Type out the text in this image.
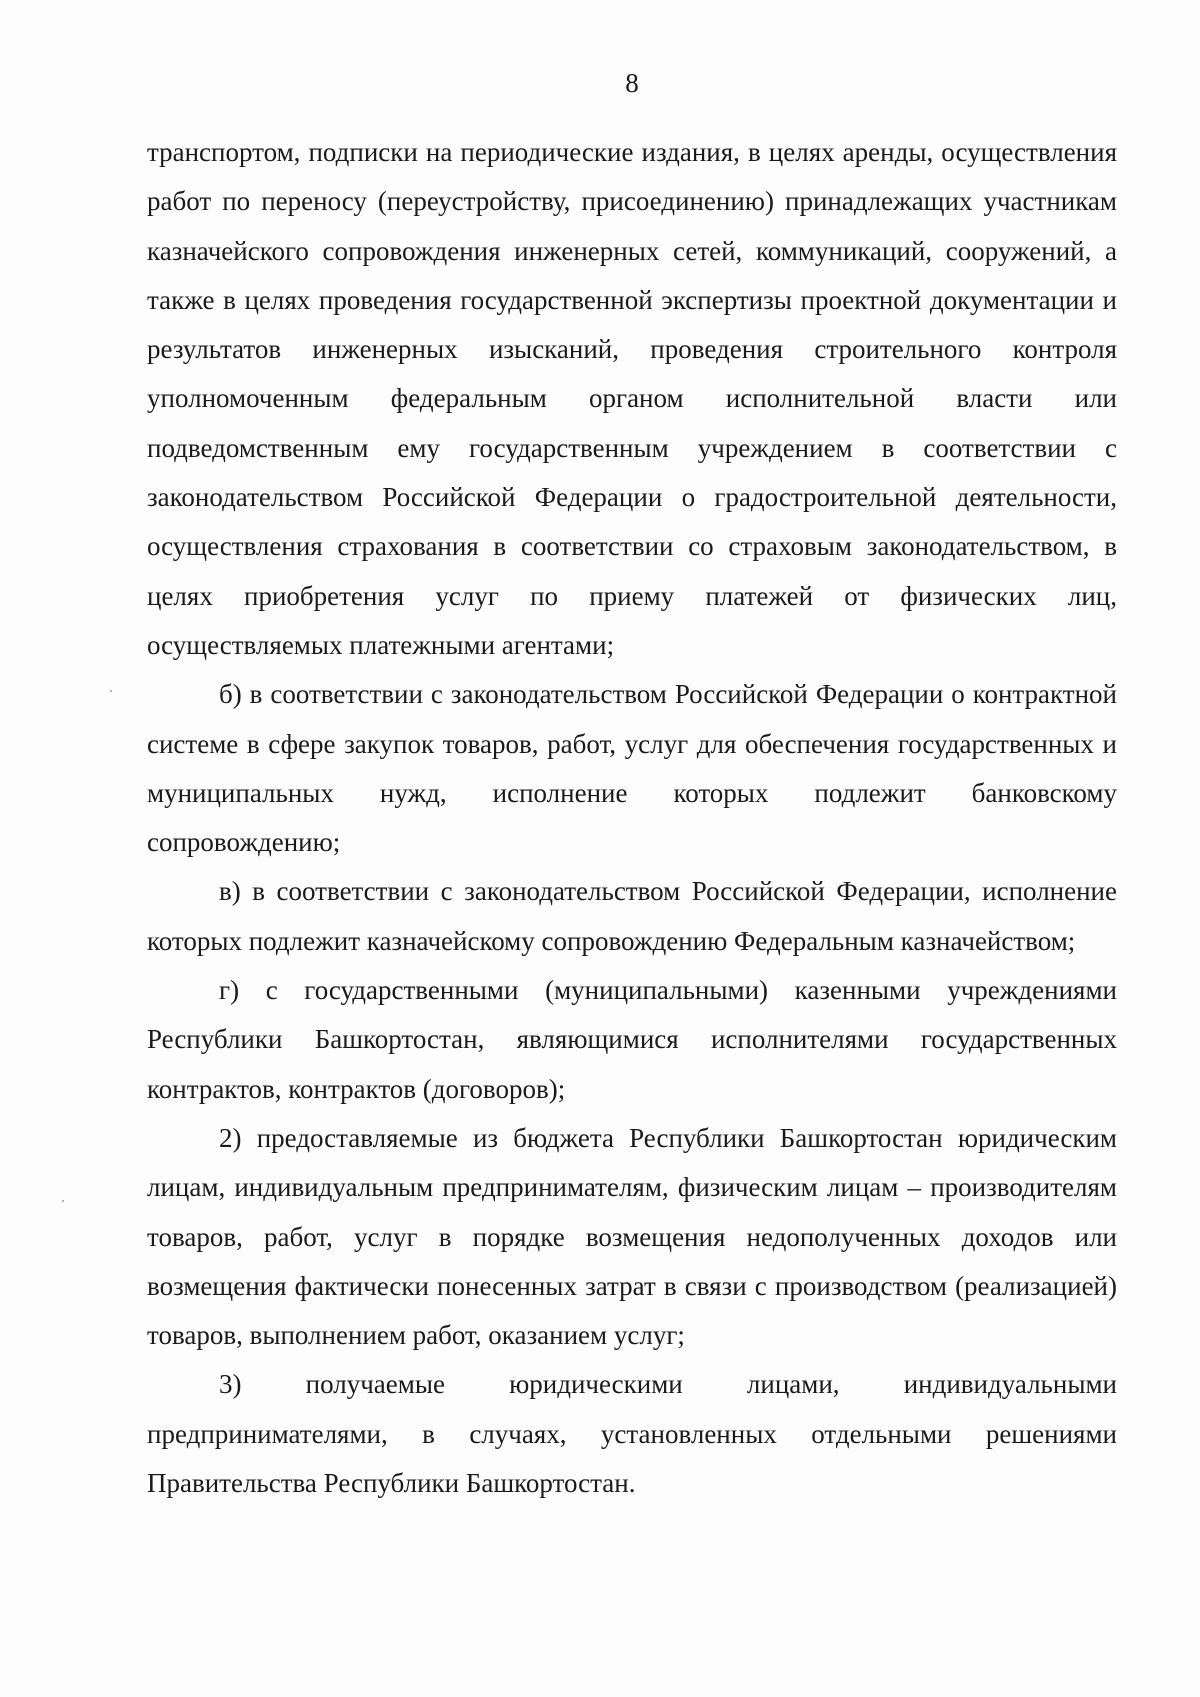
8

транспортом, подписки на периодические издания, в целях аренды, осуществления работ по переносу (переустройству, присоединению) принадлежащих участникам казначейского сопровождения инженерных сетей, коммуникаций, сооружений, а также в целях проведения государственной экспертизы проектной документации и результатов инженерных изысканий, проведения строительного контроля уполномоченным федеральным органом исполнительной власти или подведомственным ему государственным учреждением в соответствии с законодательством Российской Федерации о градостроительной деятельности, осуществления страхования в соответствии со страховым законодательством, в целях приобретения услуг по приему платежей от физических лиц, осуществляемых платежными агентами;

б) в соответствии с законодательством Российской Федерации о контрактной системе в сфере закупок товаров, работ, услуг для обеспечения государственных и муниципальных нужд, исполнение которых подлежит банковскому сопровождению;

в) в соответствии с законодательством Российской Федерации, исполнение которых подлежит казначейскому сопровождению Федеральным казначейством;

г) с государственными (муниципальными) казенными учреждениями Республики Башкортостан, являющимися исполнителями государственных контрактов, контрактов (договоров);

2) предоставляемые из бюджета Республики Башкортостан юридическим лицам, индивидуальным предпринимателям, физическим лицам – производителям товаров, работ, услуг в порядке возмещения недополученных доходов или возмещения фактически понесенных затрат в связи с производством (реализацией) товаров, выполнением работ, оказанием услуг;

3) получаемые юридическими лицами, индивидуальными предпринимателями, в случаях, установленных отдельными решениями Правительства Республики Башкортостан.
